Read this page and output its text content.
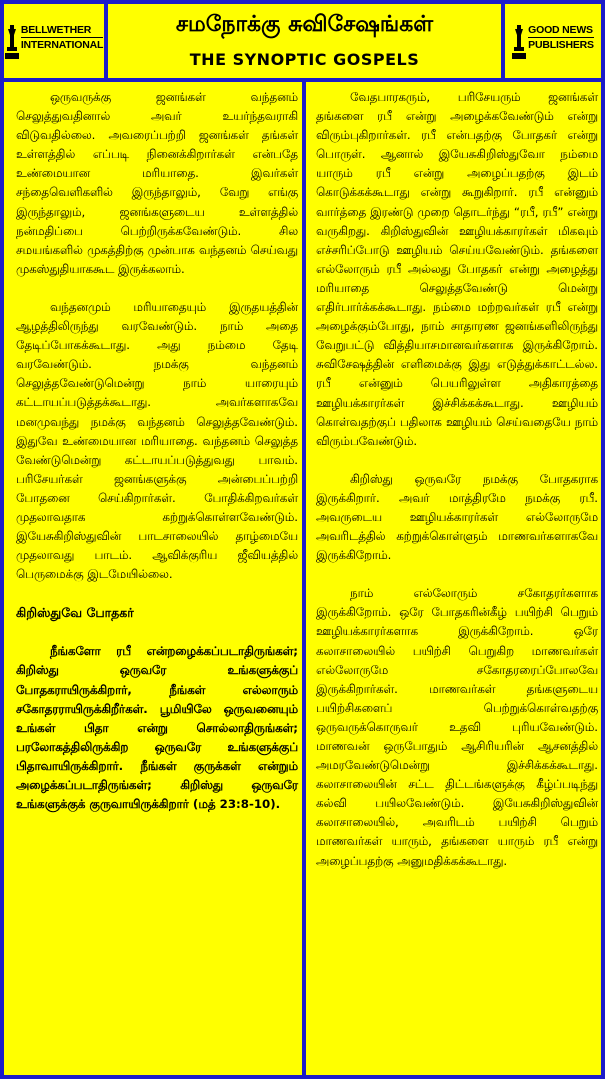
BELLWETHER
INTERNATIONAL
சமநோக்கு சுவிசேஷங்கள்
THE SYNOPTIC GOSPELS
GOOD NEWS
PUBLISHERS

ஒருவருக்கு ஜனங்கள் வந்தனம் செலுத்துவதினால் அவர் உயர்ந்தவராகி விடுவதில்லை. அவரைப்பற்றி ஜனங்கள் தங்கள் உள்ளத்தில் எப்படி நினைக்கிறார்கள் என்பதே உண்மையான மரியாதை. இவர்கள் சந்தைவெளிகளில் இருந்தாலும், வேறு எங்கு இருந்தாலும், ஜனங்களுடைய உள்ளத்தில் நன்மதிப்பை பெற்றிருக்கவேண்டும். சில சமயங்களில் முகத்திற்கு முன்பாக வந்தனம் செய்வது முகஸ்துதியாககூட இருக்கலாம்.

வந்தனமும் மரியாதையும் இருதயத்தின் ஆழத்திலிருந்து வரவேண்டும். நாம் அதை தேடிப்போகக்கூடாது. அது நம்மை தேடி வரவேண்டும். நமக்கு வந்தனம் செலுத்தவேண்டுமென்று நாம் யாரையும் கட்டாயப்படுத்தக்கூடாது. அவர்களாகவே மனமுவந்து நமக்கு வந்தனம் செலுத்தவேண்டும். இதுவே உண்மையான மரியாதை. வந்தனம் செலுத்த வேண்டுமென்று கட்டாயப்படுத்துவது பாவம். பரிசேயர்கள் ஜனங்களுக்கு அன்பைப்பற்றி போதனை செய்கிறார்கள். போதிக்கிறவர்கள் முதலாவதாக கற்றுக்கொள்ளவேண்டும். இயேசுகிறிஸ்துவின் பாடசாலையில் தாழ்மையே முதலாவது பாடம். ஆவிக்குரிய ஜீவியத்தில் பெருமைக்கு இடமேயில்லை.

கிறிஸ்துவே போதகர்

நீங்களோ ரபீ என்றழைக்கப்படாதிருங்கள்; கிறிஸ்து ஒருவரே உங்களுக்குப் போதகராயிருக்கிறார், நீங்கள் எல்லாரும் சகோதரராயிருக்கிறீர்கள். பூமியிலே ஒருவனையும் உங்கள் பிதா என்று சொல்லாதிருங்கள்; பரலோகத்திலிருக்கிற ஒருவரே உங்களுக்குப் பிதாவாயிருக்கிறார். நீங்கள் குருக்கள் என்றும் அழைக்கப்படாதிருங்கள்; கிறிஸ்து ஒருவரே உங்களுக்குக் குருவாயிருக்கிறார் (மத் 23:8-10).

வேதபாரகரும், பரிசேயரும் ஜனங்கள் தங்களை ரபீ என்று அழைக்கவேண்டும் என்று விரும்புகிறார்கள். ரபீ என்பதற்கு போதகர் என்று பொருள். ஆனால் இயேசுகிறிஸ்துவோ நம்மை யாரும் ரபீ என்று அழைப்பதற்கு இடம் கொடுக்கக்கூடாது என்று கூறுகிறார். ரபீ என்னும் வார்த்தை இரண்டு முறை தொடர்ந்து “ரபீ, ரபீ” என்று வருகிறது. கிறிஸ்துவின் ஊழியக்காரர்கள் மிகவும் எச்சரிப்போடு ஊழியம் செய்யவேண்டும். தங்களை எல்லோரும் ரபீ அல்லது போதகர் என்று அழைத்து மரியாதை செலுத்தவேண்டு மென்று எதிர்பார்க்கக்கூடாது. நம்மை மற்றவர்கள் ரபீ என்று அழைக்கும்போது, நாம் சாதாரண ஜனங்களிலிருந்து வேறுபட்டு வித்தியாசமானவர்களாக இருக்கிறோம். சுவிசேஷத்தின் எளிமைக்கு இது எடுத்துக்காட்டல்ல. ரபீ என்னும் பெயரிலுள்ள அதிகாரத்தை ஊழியக்காரர்கள் இச்சிக்கக்கூடாது. ஊழியம் கொள்வதற்குப் பதிலாக ஊழியம் செய்வதையே நாம் விரும்பவேண்டும்.

கிறிஸ்து ஒருவரே நமக்கு போதகராக இருக்கிறார். அவர் மாத்திரமே நமக்கு ரபீ. அவருடைய ஊழியக்காரர்கள் எல்லோருமே அவரிடத்தில் கற்றுக்கொள்ளும் மாணவர்களாகவே இருக்கிறோம்.

நாம் எல்லோரும் சகோதரர்களாக இருக்கிறோம். ஒரே போதகரின்கீழ் பயிற்சி பெறும் ஊழியக்காரர்களாக இருக்கிறோம். ஒரே கலாசாலையில் பயிற்சி பெறுகிற மாணவர்கள் எல்லோருமே சகோதரரைப்போலவே இருக்கிறார்கள். மாணவர்கள் தங்களுடைய பயிற்சிகளைப் பெற்றுக்கொள்வதற்கு ஒருவருக்கொருவர் உதவி புரியவேண்டும். மாணவன் ஒருபோதும் ஆசிரியரின் ஆசனத்தில் அமரவேண்டுமென்று இச்சிக்கக்கூடாது. கலாசாலையின் சட்ட திட்டங்களுக்கு கீழ்ப்படிந்து கல்வி பயிலவேண்டும். இயேசுகிறிஸ்துவின் கலாசாலையில், அவரிடம் பயிற்சி பெறும் மாணவர்கள் யாரும், தங்களை யாரும் ரபீ என்று அழைப்பதற்கு அனுமதிக்கக்கூடாது.
